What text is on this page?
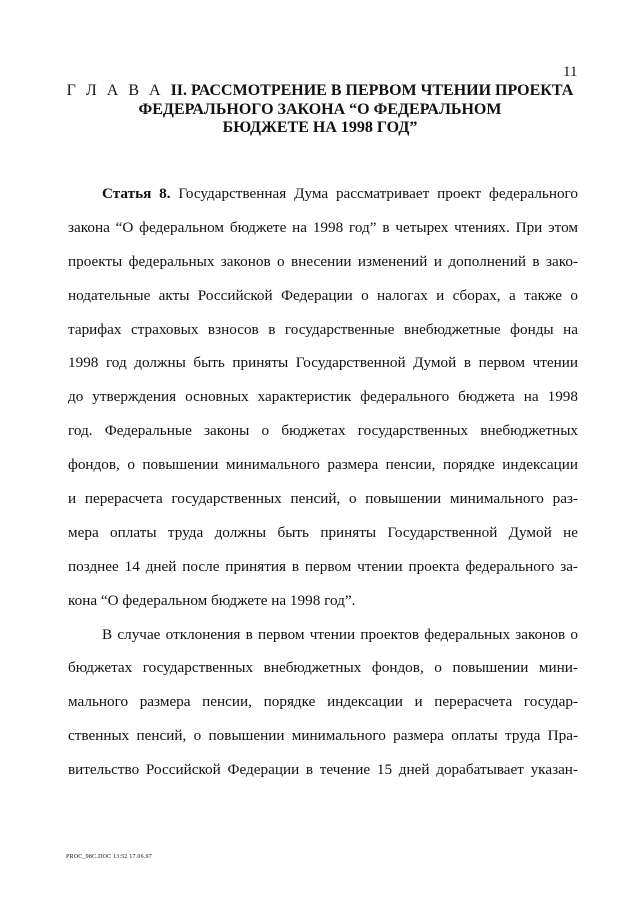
11
Г Л А В А II. РАССМОТРЕНИЕ В ПЕРВОМ ЧТЕНИИ ПРОЕКТА
ФЕДЕРАЛЬНОГО ЗАКОНА “О ФЕДЕРАЛЬНОМ
БЮДЖЕТЕ НА 1998 ГОД”
Статья 8. Государственная Дума рассматривает проект федерального
закона “О федеральном бюджете на 1998 год” в четырех чтениях. При этом
проекты федеральных законов о внесении изменений и дополнений в зако-
нодательные акты Российской Федерации о налогах и сборах, а также о
тарифах страховых взносов в государственные внебюджетные фонды на
1998 год должны быть приняты Государственной Думой в первом чтении
до утверждения основных характеристик федерального бюджета на 1998
год. Федеральные законы о бюджетах государственных внебюджетных
фондов, о повышении минимального размера пенсии, порядке индексации
и перерасчета государственных пенсий, о повышении минимального раз-
мера оплаты труда должны быть приняты Государственной Думой не
позднее 14 дней после принятия в первом чтении проекта федерального за-
кона “О федеральном бюджете на 1998 год”.
В случае отклонения в первом чтении проектов федеральных законов о
бюджетах государственных внебюджетных фондов, о повышении мини-
мального размера пенсии, порядке индексации и перерасчета государ-
ственных пенсий, о повышении минимального размера оплаты труда Пра-
вительство Российской Федерации в течение 15 дней дорабатывает указан-
PROC_98C.DOC 13:52 17.06.97
